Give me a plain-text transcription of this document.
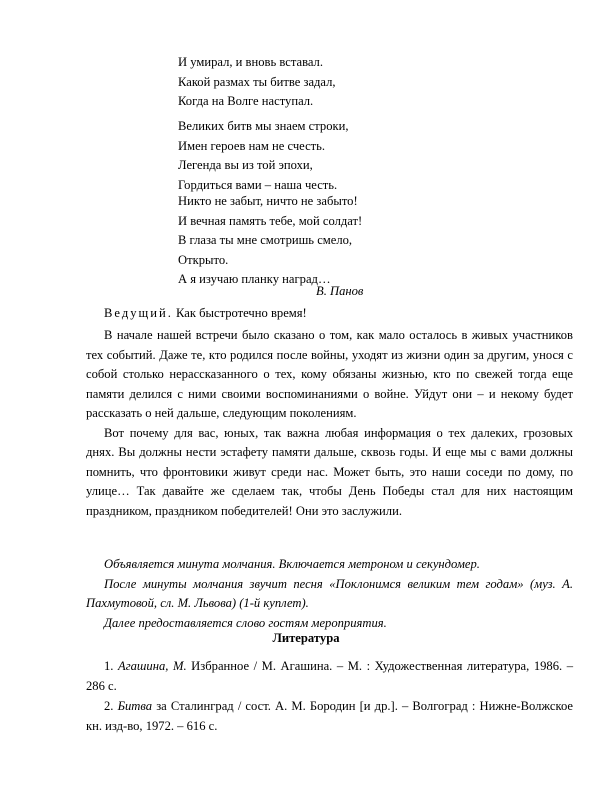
И умирал, и вновь вставал.
Какой размах ты битве задал,
Когда на Волге наступал.
Великих битв мы знаем строки,
Имен героев нам не счесть.
Легенда вы из той эпохи,
Гордиться вами – наша честь.
Никто не забыт, ничто не забыто!
И вечная память тебе, мой солдат!
В глаза ты мне смотришь смело,
Открыто.
А я изучаю планку наград…
В. Панов
Ведущий. Как быстротечно время!

В начале нашей встречи было сказано о том, как мало осталось в живых участников тех событий. Даже те, кто родился после войны, уходят из жизни один за другим, унося с собой столько нерассказанного о тех, кому обязаны жизнью, кто по свежей тогда еще памяти делился с ними своими воспоминаниями о войне. Уйдут они – и некому будет рассказать о ней дальше, следующим поколениям.

Вот почему для вас, юных, так важна любая информация о тех далеких, грозовых днях. Вы должны нести эстафету памяти дальше, сквозь годы. И еще мы с вами должны помнить, что фронтовики живут среди нас. Может быть, это наши соседи по дому, по улице… Так давайте же сделаем так, чтобы День Победы стал для них настоящим праздником, праздником победителей! Они это заслужили.

Объявляется минута молчания. Включается метроном и секундомер.

После минуты молчания звучит песня «Поклонимся великим тем годам» (муз. А. Пахмутовой, сл. М. Львова) (1-й куплет).

Далее предоставляется слово гостям мероприятия.

Литература

1. Агашина, М. Избранное / М. Агашина. – М. : Художественная литература, 1986. – 286 с.

2. Битва за Сталинград / сост. А. М. Бородин [и др.]. – Волгоград : Нижне-Волжское кн. изд-во, 1972. – 616 с.
